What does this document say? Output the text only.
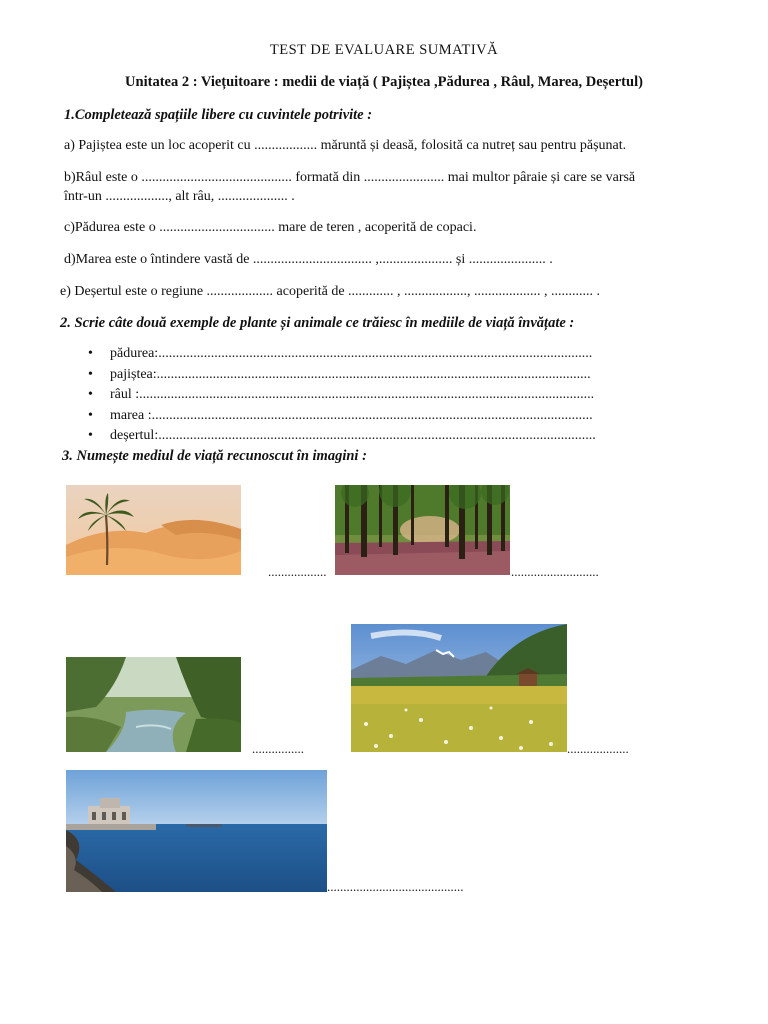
TEST DE EVALUARE SUMATIVĂ
Unitatea 2 : Viețuitoare : medii de viață ( Pajiștea ,Pădurea , Râul, Marea, Deșertul)
1.Completează spațiile libere cu cuvintele potrivite :
a) Pajiștea este un loc acoperit cu .................. măruntă și deasă, folosită ca nutreț sau pentru pășunat.
b)Râul este o ........................................... formată din ....................... mai multor pâraie și care se varsă
într-un .................., alt râu, .................... .
c)Pădurea este o ................................. mare de teren , acoperită de copaci.
d)Marea este o întindere vastă de .................................. ,..................... și ...................... .
e) Deșertul este o regiune ................... acoperită de ............. , .................., ................... , ............ .
2. Scrie câte două exemple de plante și animale ce trăiesc în mediile de viață învățate :
• pădurea:............................................................................................................................
• pajiștea:............................................................................................................................
• râul :..................................................................................................................................
• marea :..............................................................................................................................
• deșertul:.............................................................................................................................
3. Numește mediul de viață recunoscut în imagini :
..................	...........................
................	...................
..........................................
